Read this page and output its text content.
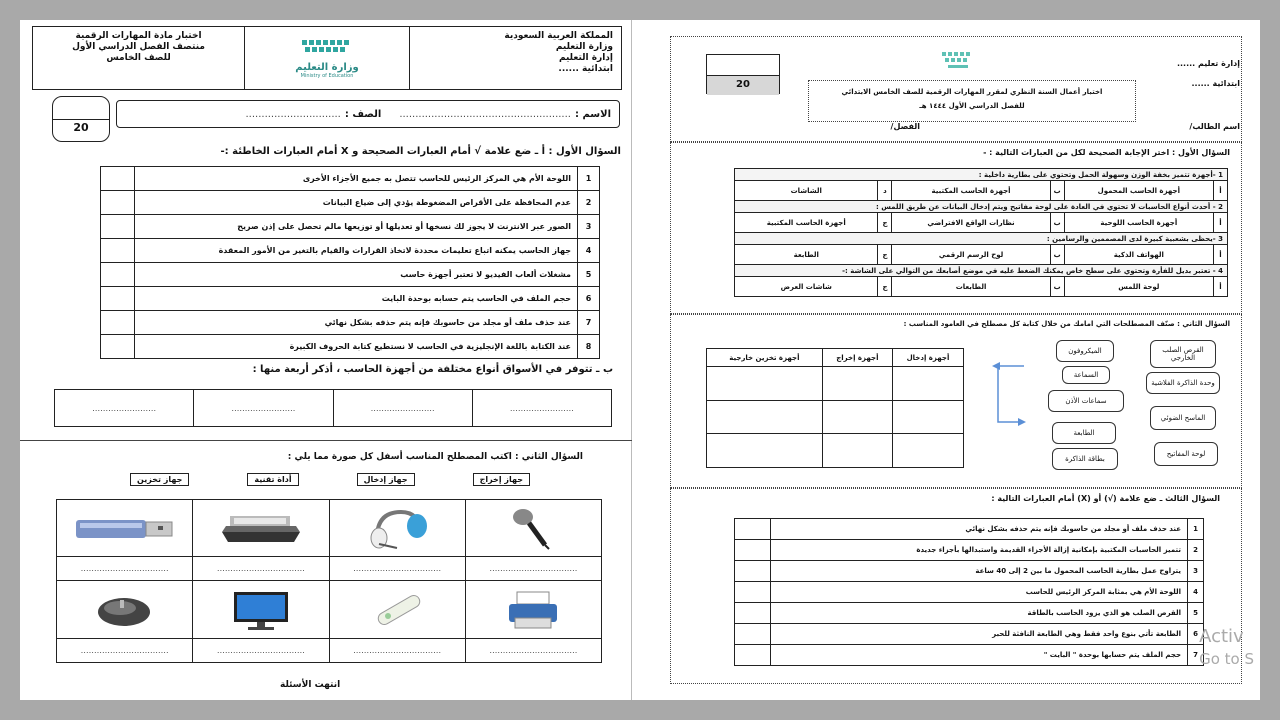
المملكة العربية السعودية
وزارة التعليم
إدارة التعليم
ابتدائية ......

وزارة التعليم
Ministry of Education

اختبار مادة المهارات الرقمية
منتصف الفصل الدراسي الأول
للصف الخامس
20
الاسم :
......................................................
الصف :
..............................
السؤال الأول : أ ـ ضع علامة √ أمام العبارات الصحيحة و X أمام العبارات الخاطئة :-
1	اللوحة الأم هي المركز الرئيس للحاسب تتصل به جميع الأجزاء الأخرى	
2	عدم المحافظة على الأقراص المضغوطة يؤدي إلى ضياع البيانات	
3	الصور عبر الانترنت لا يجوز لك نسخها أو تعديلها أو توزيعها مالم تحصل على إذن صريح	
4	جهاز الحاسب يمكنه اتباع تعليمات محددة لاتخاذ القرارات والقيام بالتغير من الأمور المعقدة	
5	مشغلات ألعاب الفيديو لا تعتبر أجهزة حاسب	
6	حجم الملف في الحاسب يتم حسابه بوحدة البايت	
7	عند حذف ملف أو مجلد من حاسوبك فإنه يتم حذفه بشكل نهائي	
8	عند الكتابة باللغة الإنجليزية في الحاسب لا نستطيع كتابة الحروف الكبيرة	
ب ـ تتوفر في الأسواق أنواع مختلفة من أجهزة الحاسب ، أذكر أربعة منها :
……………………	……………………	……………………	……………………
السؤال الثاني : اكتب المصطلح المناسب أسفل كل صورة مما يلي :
جهاز إخراج
جهاز إدخال
أداة تقنية
جهاز تخزين

……………………………	……………………………	……………………………	……………………………

……………………………	……………………………	……………………………	……………………………
انتهت الأسئلة
إدارة تعليم ......
ابتدائية ......
20
اختبار أعمال السنة النظري لمقرر المهارات الرقمية للصف الخامس الابتدائي
للفصل الدراسي الأول ١٤٤٤ هـ
اسم الطالب/
الفصل/
السؤال الأول : اختر الإجابة الصحيحة لكل من العبارات التالية : -
1 -أجهزة تتميز بخفة الوزن وسهولة الحمل وتحتوي على بطارية داخلية :					
أ	أجهزة الحاسب المحمول	ب	أجهزة الحاسب المكتبية	د	الشاشات
2 - أحدث أنواع الحاسبات لا تحتوي في العادة على لوحة مفاتيح ويتم إدخال البيانات عن طريق اللمس :					
أ	أجهزة الحاسب اللوحية	ب	نظارات الواقع الافتراضي	ج	أجهزة الحاسب المكتبية
3 -يحظى بشعبية كبيرة لدى المصممين والرسامين :					
أ	الهواتف الذكية	ب	لوح الرسم الرقمي	ج	الطابعة
4 - تعتبر بديل للفأرة وتحتوي على سطح خاص يمكنك الضغط عليه في موضع أصابعك من التوالي على الشاشة :-					
أ	لوحة اللمس	ب	الطابعات	ج	شاشات العرض
السؤال الثاني : صنّف المصطلحات التي امامك من خلال كتابة كل مصطلح في العامود المناسب :
أجهزة إدخال	أجهزة إخراج	أجهزة تخزين خارجية

الميكروفون
السماعة
سماعات الأذن
الطابعة
بطاقة الذاكرة
القرص الصلب الخارجي
وحدة الذاكرة الفلاشية
الماسح الضوئي
لوحة المفاتيح
السؤال الثالث ـ ضع علامة (√) أو (X) أمام العبارات التالية :
1	عند حذف ملف أو مجلد من حاسوبك فإنه يتم حذفه بشكل نهائي	
2	تتميز الحاسبات المكتبية بإمكانية إزالة الأجزاء القديمة واستبدالها بأجزاء جديدة	
3	يتراوح عمل بطارية الحاسب المحمول ما بين 2 إلى 40 ساعة	
4	اللوحة الأم هي بمثابة المركز الرئيس للحاسب	
5	القرص الصلب هو الذي يزود الحاسب بالطاقة	
6	الطابعة تأتي بنوع واحد فقط وهي الطابعة النافثة للحبر	
7	حجم الملف يتم حسابها بوحدة " البايت "	
Activ
Go to S
